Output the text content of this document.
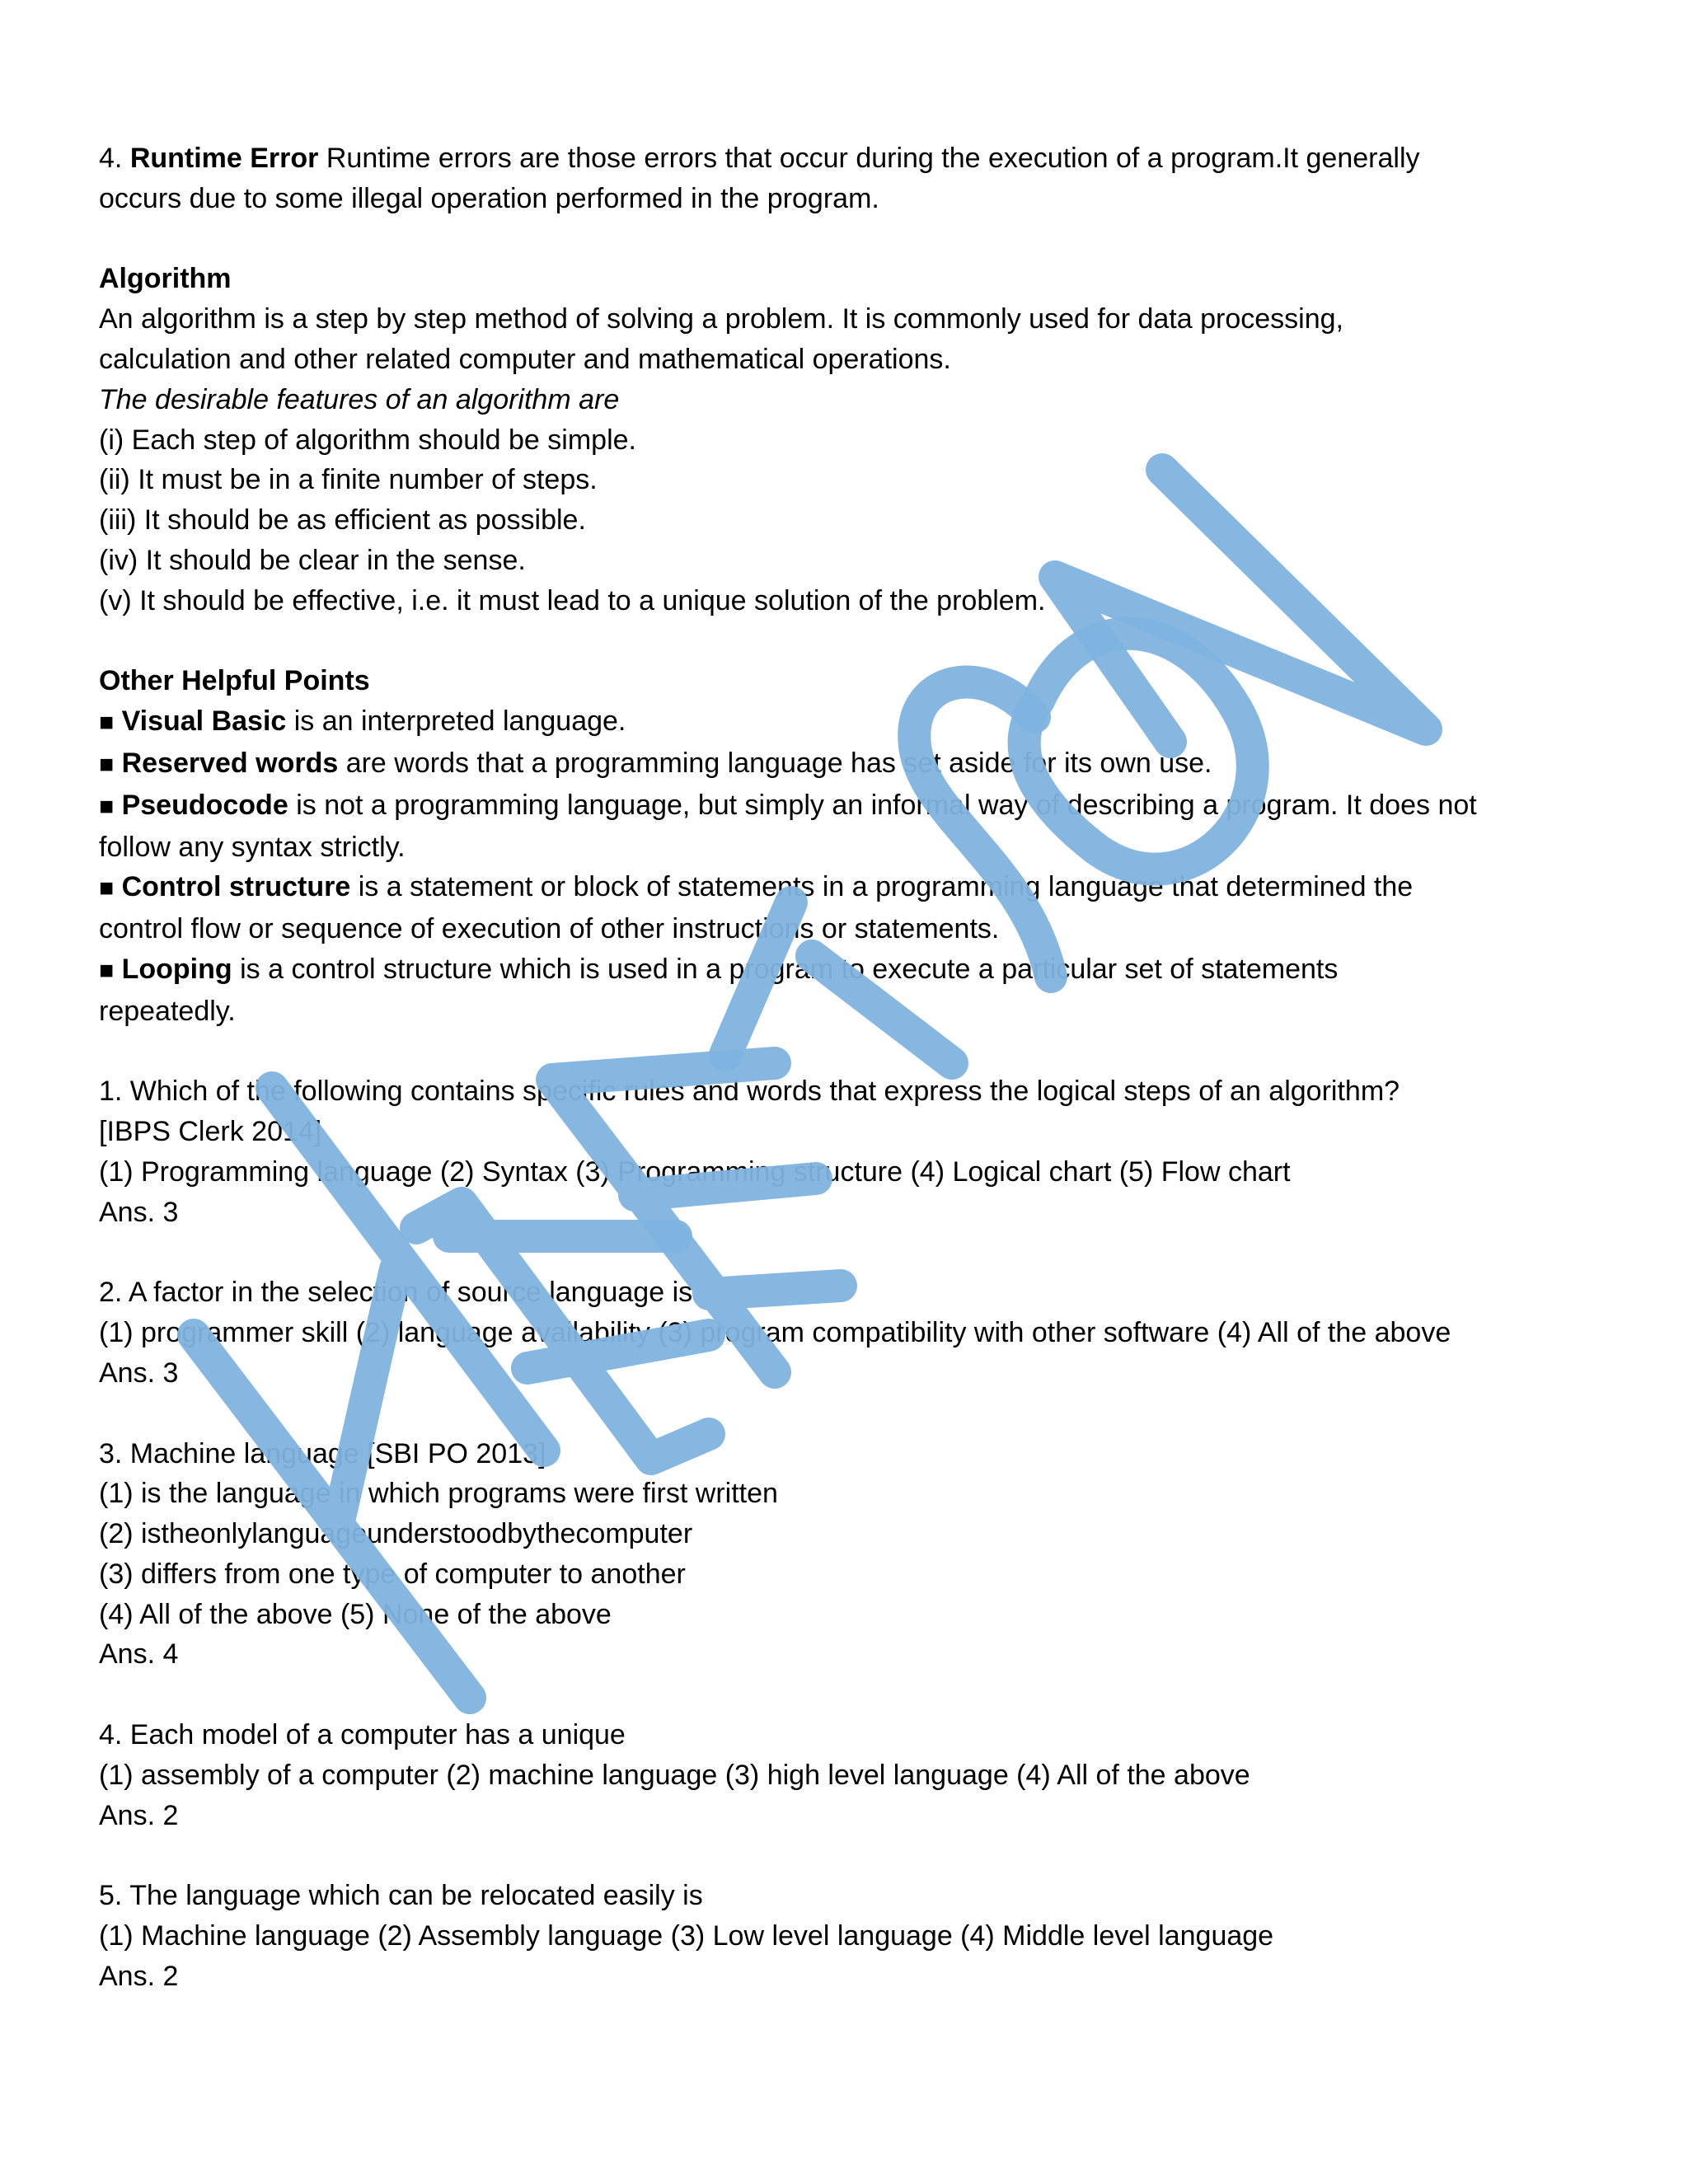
4. Runtime Error Runtime errors are those errors that occur during the execution of a program.It generally
occurs due to some illegal operation performed in the program.
Algorithm
An algorithm is a step by step method of solving a problem. It is commonly used for data processing,
calculation and other related computer and mathematical operations.
The desirable features of an algorithm are
(i) Each step of algorithm should be simple.
(ii) It must be in a finite number of steps.
(iii) It should be as efficient as possible.
(iv) It should be clear in the sense.
(v) It should be effective, i.e. it must lead to a unique solution of the problem.
Other Helpful Points
■ Visual Basic is an interpreted language.
■ Reserved words are words that a programming language has set aside for its own use.
■ Pseudocode is not a programming language, but simply an informal way of describing a program. It does not
follow any syntax strictly.
■ Control structure is a statement or block of statements in a programming language that determined the
control flow or sequence of execution of other instructions or statements.
■ Looping is a control structure which is used in a program to execute a particular set of statements
repeatedly.
1. Which of the following contains specific rules and words that express the logical steps of an algorithm?
[IBPS Clerk 2014]
(1) Programming language (2) Syntax (3) Programming structure (4) Logical chart (5) Flow chart
Ans. 3
2. A factor in the selection of source language is
(1) programmer skill (2) language availability (3) program compatibility with other software (4) All of the above
Ans. 3
3. Machine language [SBI PO 2013]
(1) is the language in which programs were first written
(2) istheonlylanguageunderstoodbythecomputer
(3) differs from one type of computer to another
(4) All of the above (5) None of the above
Ans. 4
4. Each model of a computer has a unique
(1) assembly of a computer (2) machine language (3) high level language (4) All of the above
Ans. 2
5. The language which can be relocated easily is
(1) Machine language (2) Assembly language (3) Low level language (4) Middle level language
Ans. 2
